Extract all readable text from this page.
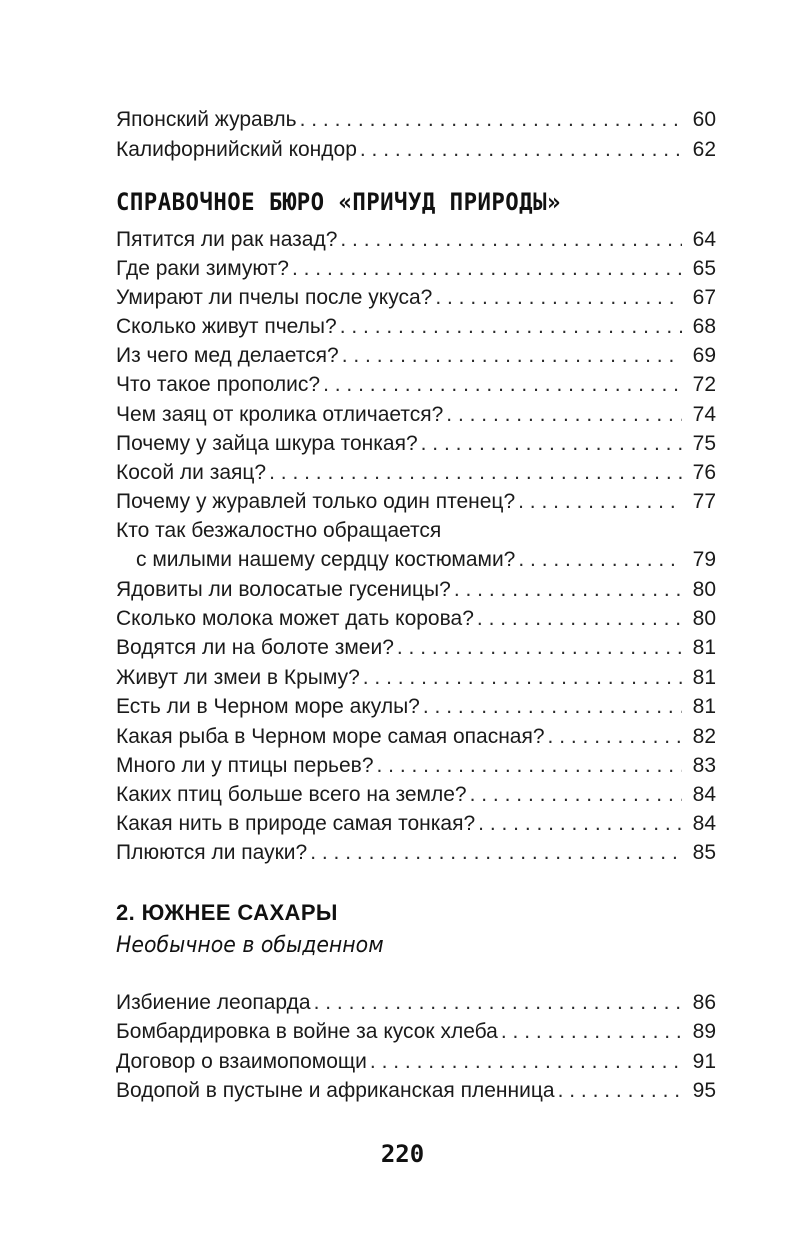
Японский журавль . . .	60
Калифорнийский кондор . . .	62
СПРАВОЧНОЕ БЮРО «ПРИЧУД ПРИРОДЫ»
Пятится ли рак назад? . . .	64
Где раки зимуют? . . .	65
Умирают ли пчелы после укуса? . . .	67
Сколько живут пчелы? . . .	68
Из чего мед делается? . . .	69
Что такое прополис? . . .	72
Чем заяц от кролика отличается? . . .	74
Почему у зайца шкура тонкая? . . .	75
Косой ли заяц? . . .	76
Почему у журавлей только один птенец? . . .	77
Кто так безжалостно обращается
с милыми нашему сердцу костюмами? . . .	79
Ядовиты ли волосатые гусеницы? . . .	80
Сколько молока может дать корова? . . .	80
Водятся ли на болоте змеи? . . .	81
Живут ли змеи в Крыму? . . .	81
Есть ли в Черном море акулы? . . .	81
Какая рыба в Черном море самая опасная? . . .	82
Много ли у птицы перьев? . . .	83
Каких птиц больше всего на земле? . . .	84
Какая нить в природе самая тонкая? . . .	84
Плюются ли пауки? . . .	85
2. ЮЖНЕЕ САХАРЫ
Необычное в обыденном
Избиение леопарда . . .	86
Бомбардировка в войне за кусок хлеба . . .	89
Договор о взаимопомощи . . .	91
Водопой в пустыне и африканская пленница . . .	95
220
